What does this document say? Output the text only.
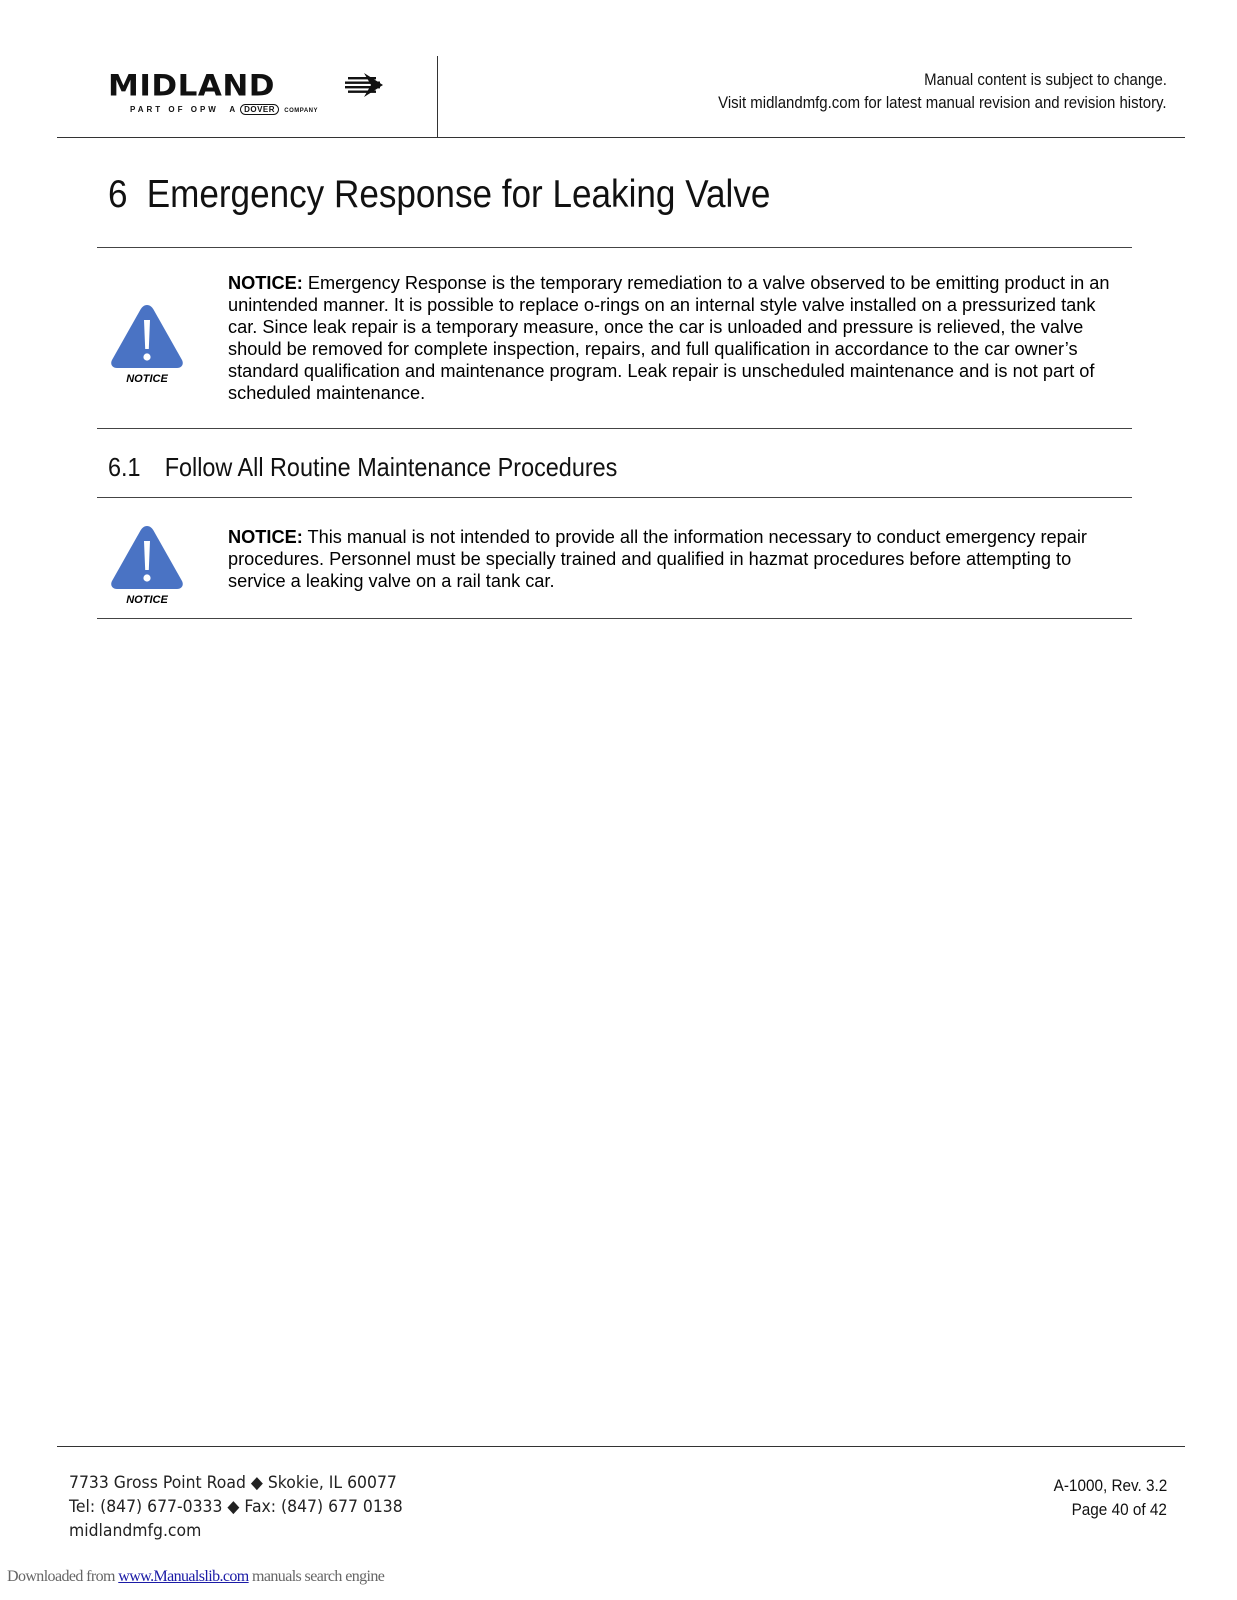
MIDLAND
PART OF OPW A DOVER COMPANY
Manual content is subject to change.
Visit midlandmfg.com for latest manual revision and revision history.
6 Emergency Response for Leaking Valve
NOTICE
NOTICE: Emergency Response is the temporary remediation to a valve observed to be emitting product in an unintended manner. It is possible to replace o-rings on an internal style valve installed on a pressurized tank car. Since leak repair is a temporary measure, once the car is unloaded and pressure is relieved, the valve should be removed for complete inspection, repairs, and full qualification in accordance to the car owner’s standard qualification and maintenance program. Leak repair is unscheduled maintenance and is not part of scheduled maintenance.
6.1 Follow All Routine Maintenance Procedures
NOTICE
NOTICE: This manual is not intended to provide all the information necessary to conduct emergency repair procedures. Personnel must be specially trained and qualified in hazmat procedures before attempting to service a leaking valve on a rail tank car.
7733 Gross Point Road ◆ Skokie, IL 60077
Tel: (847) 677-0333 ◆ Fax: (847) 677 0138
midlandmfg.com
A-1000, Rev. 3.2
Page 40 of 42
Downloaded from www.Manualslib.com manuals search engine
